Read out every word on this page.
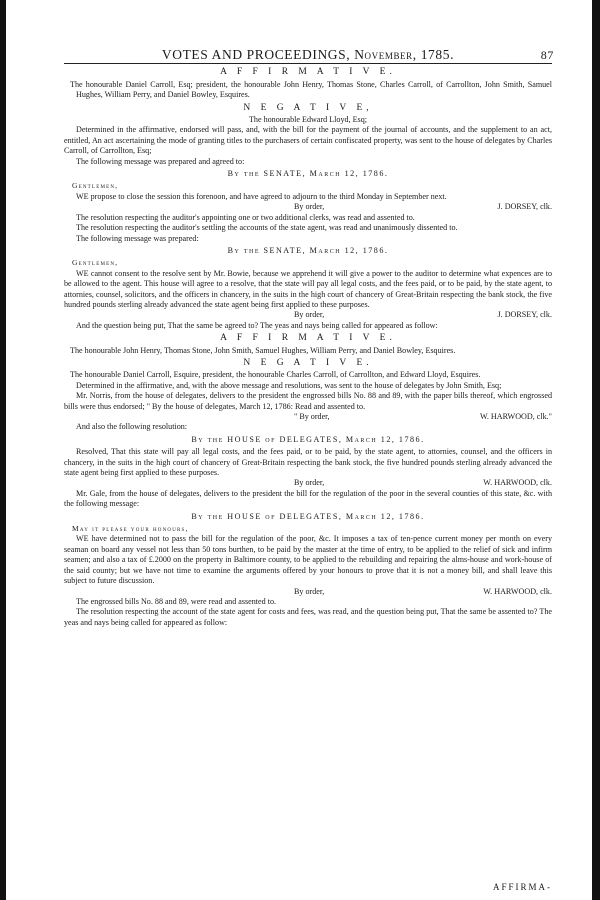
VOTES AND PROCEEDINGS, November, 1785.	87
A F F I R M A T I V E.
The honourable Daniel Carroll, Esq; president, the honourable John Henry, Thomas Stone, Charles Carroll, of Carrollton, John Smith, Samuel Hughes, William Perry, and Daniel Bowley, Esquires.
N E G A T I V E,
The honourable Edward Lloyd, Esq;
Determined in the affirmative, endorsed will pass, and, with the bill for the payment of the journal of accounts, and the supplement to an act, entitled, An act ascertaining the mode of granting titles to the purchasers of certain confiscated property, was sent to the house of delegates by Charles Carroll, of Carrollton, Esq;
The following message was prepared and agreed to:
By the SENATE, March 12, 1786.
Gentlemen,
WE propose to close the session this forenoon, and have agreed to adjourn to the third Monday in September next.
By order,	J. DORSEY, clk.
The resolution respecting the auditor's appointing one or two additional clerks, was read and assented to.
The resolution respecting the auditor's settling the accounts of the state agent, was read and unanimously dissented to.
The following message was prepared:
By the SENATE, March 12, 1786.
Gentlemen,
WE cannot consent to the resolve sent by Mr. Bowie, because we apprehend it will give a power to the auditor to determine what expences are to be allowed to the agent. This house will agree to a resolve, that the state will pay all legal costs, and the fees paid, or to be paid, by the state agent, to attornies, counsel, solicitors, and the officers in chancery, in the suits in the high court of chancery of Great-Britain respecting the bank stock, the five hundred pounds sterling already advanced the state agent being first applied to these purposes.
By order,	J. DORSEY, clk.
And the question being put, That the same be agreed to? The yeas and nays being called for appeared as follow:
A F F I R M A T I V E.
The honourable John Henry, Thomas Stone, John Smith, Samuel Hughes, William Perry, and Daniel Bowley, Esquires.
N E G A T I V E.
The honourable Daniel Carroll, Esquire, president, the honourable Charles Carroll, of Carrollton, and Edward Lloyd, Esquires.
Determined in the affirmative, and, with the above message and resolutions, was sent to the house of delegates by John Smith, Esq;
Mr. Norris, from the house of delegates, delivers to the president the engrossed bills No. 88 and 89, with the paper bills thereof, which engrossed bills were thus endorsed; " By the house of delegates, March 12, 1786: Read and assented to.
" By order,	W. HARWOOD, clk."
And also the following resolution:
By the HOUSE of DELEGATES, March 12, 1786.
Resolved, That this state will pay all legal costs, and the fees paid, or to be paid, by the state agent, to attornies, counsel, and the officers in chancery, in the suits in the high court of chancery of Great-Britain respecting the bank stock, the five hundred pounds sterling already advanced the state agent being first applied to these purposes.
By order,	W. HARWOOD, clk.
Mr. Gale, from the house of delegates, delivers to the president the bill for the regulation of the poor in the several counties of this state, &c. with the following message:
By the HOUSE of DELEGATES, March 12, 1786.
May it please your honours,
WE have determined not to pass the bill for the regulation of the poor, &c. It imposes a tax of ten-pence current money per month on every seaman on board any vessel not less than 50 tons burthen, to be paid by the master at the time of entry, to be applied to the relief of sick and infirm seamen; and also a tax of £.2000 on the property in Baltimore county, to be applied to the rebuilding and repairing the alms-house and work-house of the said county; but we have not time to examine the arguments offered by your honours to prove that it is not a money bill, and shall leave this subject to future discussion.
By order,	W. HARWOOD, clk.
The engrossed bills No. 88 and 89, were read and assented to.
The resolution respecting the account of the state agent for costs and fees, was read, and the question being put, That the same be assented to? The yeas and nays being called for appeared as follow:
AFFIRMA-
